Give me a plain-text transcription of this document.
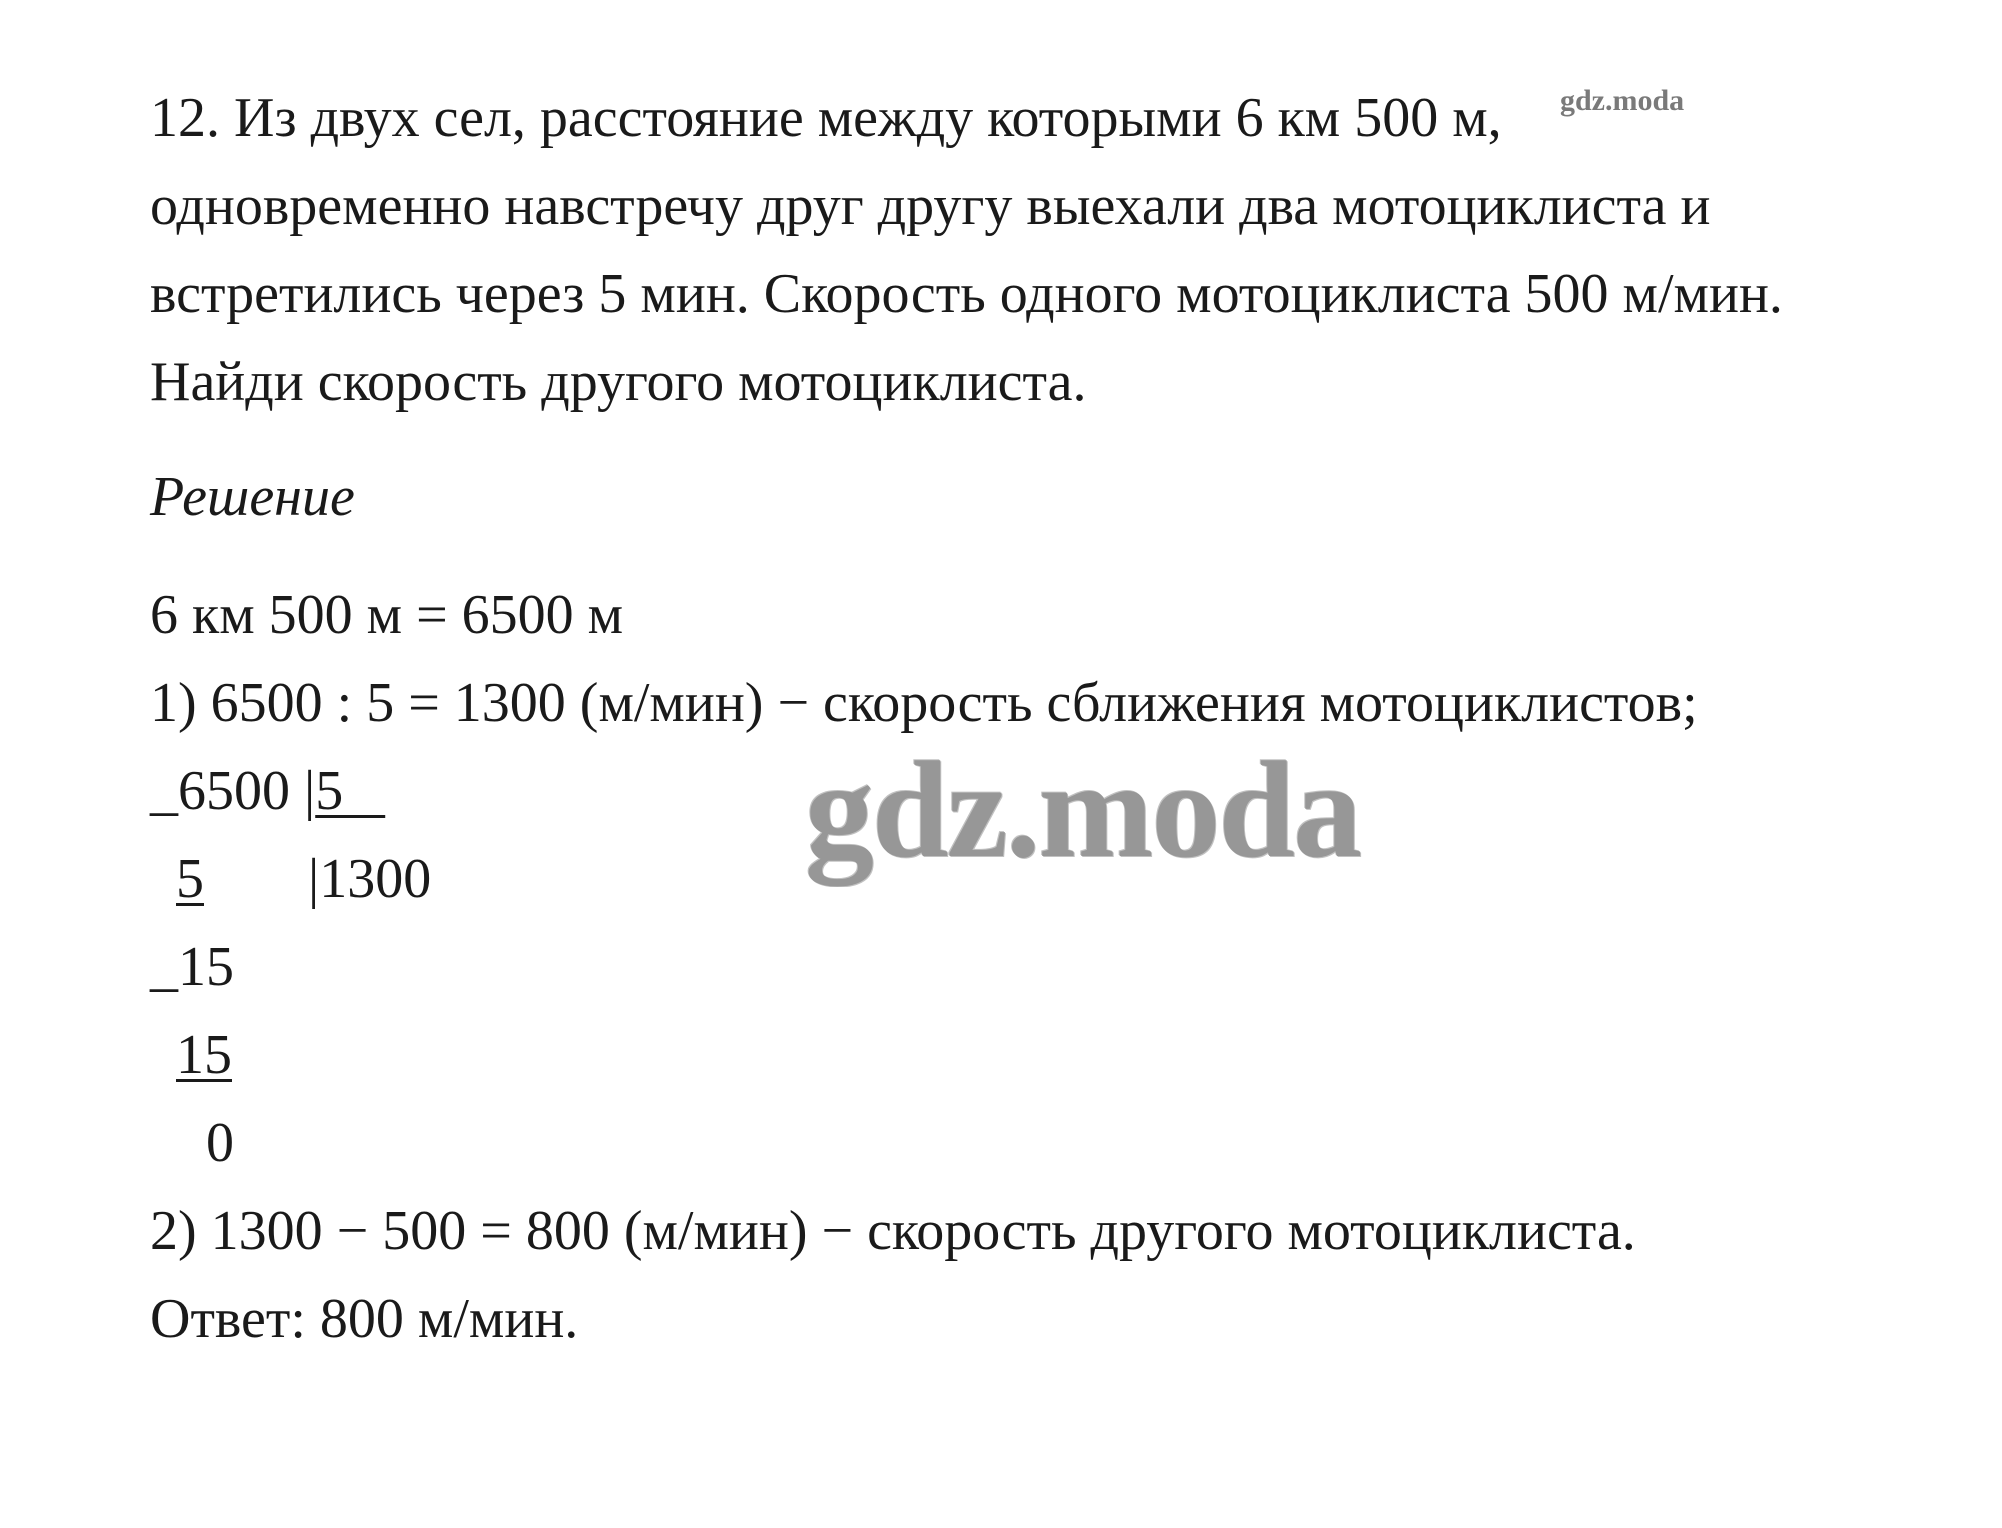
12. Из двух сел, расстояние между которыми 6 км 500 м,

одновременно навстречу друг другу выехали два мотоциклиста и

встретились через 5 мин. Скорость одного мотоциклиста 500 м/мин.

Найди скорость другого мотоциклиста.

Решение

6 км 500 м = 6500 м

1) 6500 : 5 = 1300 (м/мин) − скорость сближения мотоциклистов;

_6500 |5

5 |1300

_15

15

0

2) 1300 − 500 = 800 (м/мин) − скорость другого мотоциклиста.

Ответ: 800 м/мин.

gdz.moda
gdz.moda
